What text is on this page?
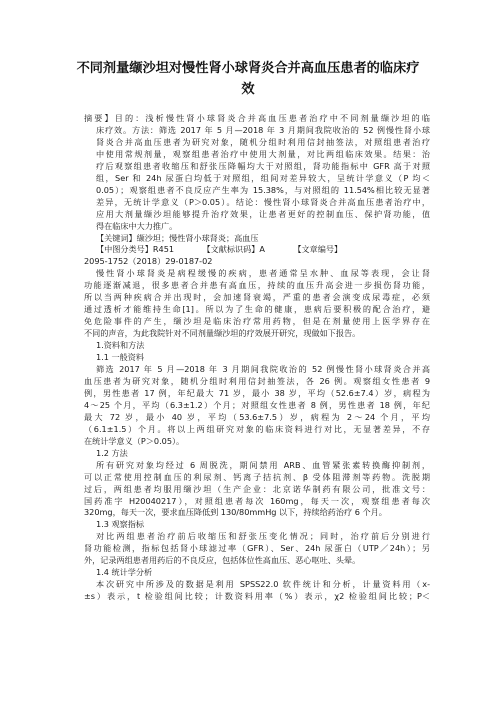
不同剂量缬沙坦对慢性肾小球肾炎合并高血压患者的临床疗
效
摘要】目的：浅析慢性肾小球肾炎合并高血压患者治疗中不同剂量缬沙坦的临
床疗效。方法：筛选 2017 年 5 月—2018 年 3 月期间我院收治的 52 例慢性肾小球
肾炎合并高血压患者为研究对象，随机分组时利用信封抽签法，对照组患者治疗
中使用常规剂量，观察组患者治疗中使用大剂量，对比两组临床效果。结果：治
疗后观察组患者收缩压和舒张压降幅均大于对照组，肾功能指标中 GFR 高于对照
组，Ser 和 24h 尿蛋白均低于对照组，组间对差异较大，呈统计学意义（P 均＜
0.05）；观察组患者不良反应产生率为 15.38%，与对照组的 11.54%相比较无显著
差异，无统计学意义（P＞0.05）。结论：慢性肾小球肾炎合并高血压患者治疗中，
应用大剂量缬沙坦能够提升治疗效果，让患者更好的控制血压、保护肾功能，值
得在临床中大力推广。
【关键词】缬沙坦；慢性肾小球肾炎；高血压
【中图分类号】R451　　　　【文献标识码】A　　　　【文章编号】
2095-1752（2018）29-0187-02
慢性肾小球肾炎是病程缓慢的疾病，患者通常呈水肿、血尿等表现，会让肾
功能逐渐减退，很多患者合并患有高血压，持续的血压升高会进一步损伤肾功能，
所以当两种疾病合并出现时，会加速肾衰竭，严重的患者会演变成尿毒症，必须
通过透析才能维持生命[1]。所以为了生命的健康，患病后要积极的配合治疗，避
免危险事件的产生，缬沙坦是临床治疗常用药物，但是在剂量使用上医学界存在
不同的声音，为此我院针对不同剂量缬沙坦的疗效展开研究，现做如下报告。
1.资料和方法
1.1 一般资料
筛选 2017 年 5 月—2018 年 3 月期间我院收治的 52 例慢性肾小球肾炎合并高
血压患者为研究对象，随机分组时利用信封抽签法，各 26 例。观察组女性患者 9
例，男性患者 17 例，年纪最大 71 岁，最小 38 岁，平均（52.6±7.4）岁，病程为
4～25 个月，平均（6.3±1.2）个月；对照组女性患者 8 例，男性患者 18 例，年纪
最大 72 岁，最小 40 岁，平均（53.6±7.5）岁，病程为 2～24 个月，平均
（6.1±1.5）个月。将以上两组研究对象的临床资料进行对比，无显著差异，不存
在统计学意义（P＞0.05）。
1.2 方法
所有研究对象均经过 6 周脱洗，期间禁用 ARB、血管紧张素转换酶抑制剂，
可以正常使用控制血压的利尿剂、钙离子拮抗剂、β 受体阻滞剂等药物。洗脱期
过后，两组患者均服用缬沙坦（生产企业：北京诺华制药有限公司，批准文号：
国药准字 H20040217），对照组患者每次 160mg，每天一次，观察组患者每次
320mg，每天一次，要求血压降低到 130/80mmHg 以下，持续给药治疗 6 个月。
1.3 观察指标
对比两组患者治疗前后收缩压和舒张压变化情况；同时，治疗前后分别进行
肾功能检测，指标包括肾小球滤过率（GFR）、Ser、24h 尿蛋白（UTP／24h）；另
外，记录两组患者用药后的不良反应，包括体位性高血压、恶心呕吐、头晕。
1.4 统计学分析
本次研究中所涉及的数据是利用 SPSS22.0 软件统计和分析，计量资料用（x-
±s）表示，t 检验组间比较；计数资料用率（%）表示，χ2 检验组间比较；P＜
